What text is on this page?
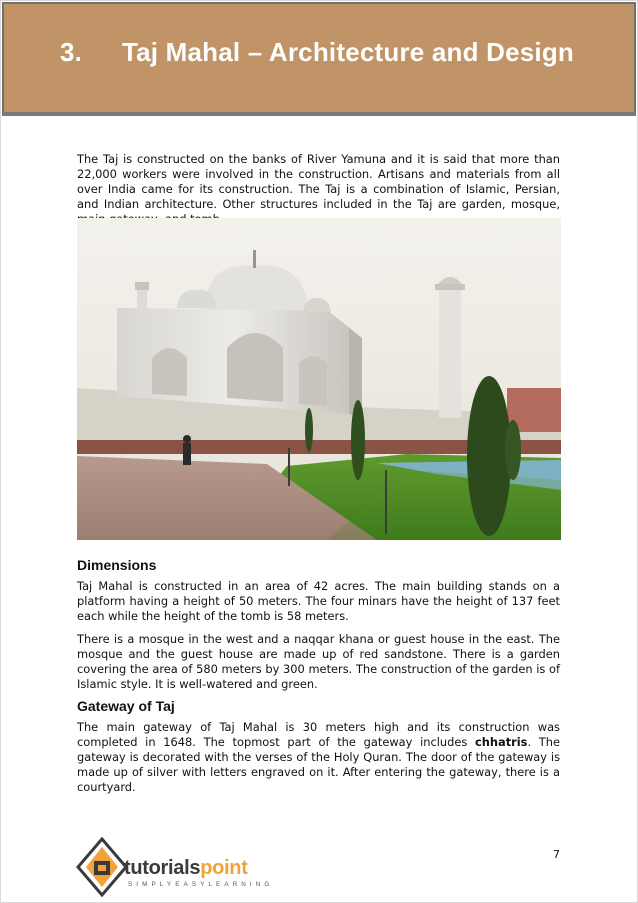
3. Taj Mahal – Architecture and Design

The Taj is constructed on the banks of River Yamuna and it is said that more than 22,000 workers were involved in the construction. Artisans and materials from all over India came for its construction. The Taj is a combination of Islamic, Persian, and Indian architecture. Other structures included in the Taj are garden, mosque,

Dimensions

Taj Mahal is constructed in an area of 42 acres. The main building stands on a platform having a height of 50 meters. The four minars have the height of 137 feet each while the height of the tomb is 58 meters.

There is a mosque in the west and a naqqar khana or guest house in the east. The mosque and the guest house are made up of red sandstone. There is a garden covering the area of 580 meters by 300 meters. The construction of the garden is of Islamic style. It is well-watered and green.

Gateway of Taj

The main gateway of Taj Mahal is 30 meters high and its construction was completed in 1648. The topmost part of the gateway includes chhatris. The gateway is decorated with the verses of the Holy Quran. The door of the gateway is made up of silver with letters engraved on it. After entering the gateway, there is a courtyard.

7
tutorialspoint
SIMPLYEASYLEARNING
